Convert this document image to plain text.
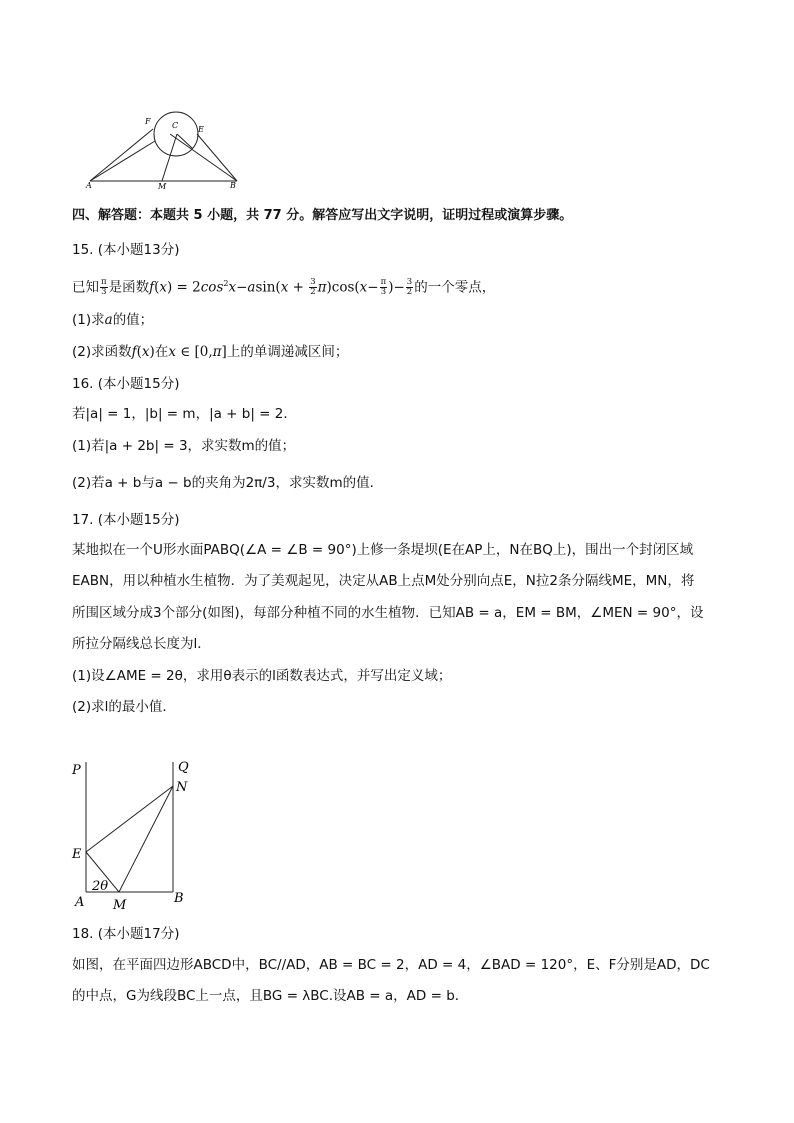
F	C E
A	M	B
四、解答题：本题共 5 小题，共 77 分。解答应写出文字说明，证明过程或演算步骤。
15. (本小题13分)
已知 $\frac{\pi}{3}$ 是函数$f(x) = 2\cos^2x-asin(x + \frac{3}{2} \pi)\cos(x- \frac{\pi}{3}$ )− $\frac{3}{2}$ 的一个零点，
(1)求a的值；
(2)求函数f(x)在x ∈ [0,π]上的单调递减区间；
16. (本小题15分)
若|a| = 1，|b| = m，|a + b| = 2．
(1)若|a + 2b| = 3，求实数m的值；
(2)若a + b与a − b的夹角为2π/3，求实数m的值．
17. (本小题15分)
某地拟在一个U形水面PABQ(∠A = ∠B = 90°)上修一条堤坝(E在AP上，N在BQ上)，围出一个封闭区域
EABN，用以种植水生植物．为了美观起见，决定从AB上点M处分别向点E，N拉2条分隔线ME，MN，将
所围区域分成3个部分(如图)，每部分种植不同的水生植物．已知AB = a，EM = BM，∠MEN = 90°，设
所拉分隔线总长度为l．
(1)设∠AME = 2θ，求用θ表示的l函数表达式，并写出定义域；
(2)求l的最小值．
P	Q
N
E
2θ
A M	B
18. (本小题17分)
如图，在平面四边形ABCD中，BC//AD，AB = BC = 2，AD = 4，∠BAD = 120°，E、F分别是AD，DC
的中点，G为线段BC上一点，且BG = λBC.设AB = a，AD = b．
